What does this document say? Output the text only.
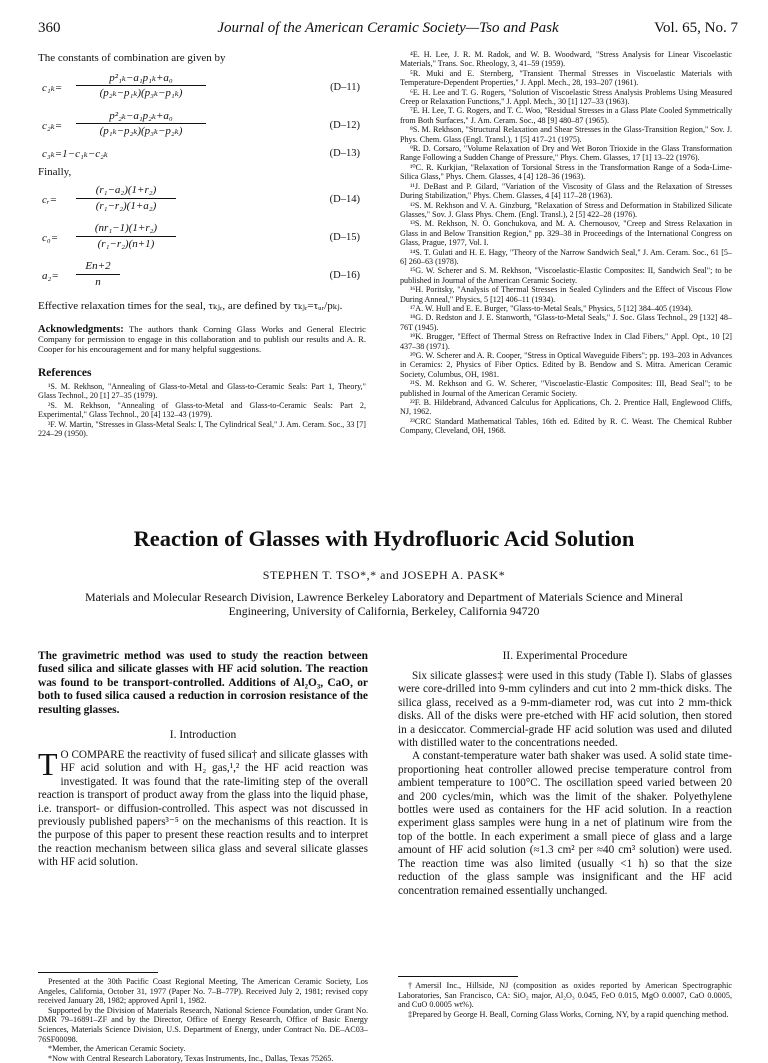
360	Journal of the American Ceramic Society—Tso and Pask	Vol. 65, No. 7

The constants of combination are given by

$c_{1k}= \frac{\text{p²₁ₖ−a₁p₁ₖ+a₀}}{\text{(p₂ₖ−p₁ₖ)(p₃ₖ−p₁ₖ)}}$	(D–11)
$c_{2k}= \frac{\text{p²₂ₖ−a₁p₂ₖ+a₀}}{\text{(p₁ₖ−p₂ₖ)(p₃ₖ−p₂ₖ)}}$	(D–12)
c₃ₖ=1−c₁ₖ−c₂ₖ	(D–13)

Finally,

cᵣ= $\frac{\text{(r₁−a₂)(1+r₂)}}{\text{(r₁−r₂)(1+a₂)}}$	(D–14)
$c_0= \frac{\text{(nr₁−1)(1+r₂)}}{\text{(r₁−r₂)(n+1)}}$	(D–15)
$a_2= \frac{En+2}{n}$	(D–16)

Effective relaxation times for the seal, τₖⱼᵣ, are defined by τₖⱼᵣ=τᵤᵣ/pₖⱼ.

Acknowledgments: The authors thank Corning Glass Works and General Electric Company for permission to engage in this collaboration and to publish our results and A. R. Cooper for his encouragement and for many helpful suggestions.

References

¹S. M. Rekhson, "Annealing of Glass-to-Metal and Glass-to-Ceramic Seals: Part 1, Theory," Glass Technol., 20 [1] 27–35 (1979).

²S. M. Rekhson, "Annealing of Glass-to-Metal and Glass-to-Ceramic Seals: Part 2, Experimental," Glass Technol., 20 [4] 132–43 (1979).

³F. W. Martin, "Stresses in Glass-Metal Seals: I, The Cylindrical Seal," J. Am. Ceram. Soc., 33 [7] 224–29 (1950).

⁴E. H. Lee, J. R. M. Radok, and W. B. Woodward, "Stress Analysis for Linear Viscoelastic Materials," Trans. Soc. Rheology, 3, 41–59 (1959).

⁵R. Muki and E. Sternberg, "Transient Thermal Stresses in Viscoelastic Materials with Temperature-Dependent Properties," J. Appl. Mech., 28, 193–207 (1961).

⁶E. H. Lee and T. G. Rogers, "Solution of Viscoelastic Stress Analysis Problems Using Measured Creep or Relaxation Functions," J. Appl. Mech., 30 [1] 127–33 (1963).

⁷E. H. Lee, T. G. Rogers, and T. C. Woo, "Residual Stresses in a Glass Plate Cooled Symmetrically from Both Surfaces," J. Am. Ceram. Soc., 48 [9] 480–87 (1965).

⁸S. M. Rekhson, "Structural Relaxation and Shear Stresses in the Glass-Transition Region," Sov. J. Phys. Chem. Glass (Engl. Transl.), 1 [5] 417–21 (1975).

⁹R. D. Corsaro, "Volume Relaxation of Dry and Wet Boron Trioxide in the Glass Transformation Range Following a Sudden Change of Pressure," Phys. Chem. Glasses, 17 [1] 13–22 (1976).

¹⁰C. R. Kurkjian, "Relaxation of Torsional Stress in the Transformation Range of a Soda-Lime-Silica Glass," Phys. Chem. Glasses, 4 [4] 128–36 (1963).

¹¹J. DeBast and P. Gilard, "Variation of the Viscosity of Glass and the Relaxation of Stresses During Stabilization," Phys. Chem. Glasses, 4 [4] 117–28 (1963).

¹²S. M. Rekhson and V. A. Ginzburg, "Relaxation of Stress and Deformation in Stabilized Silicate Glasses," Sov. J. Glass Phys. Chem. (Engl. Transl.), 2 [5] 422–28 (1976).

¹³S. M. Rekhson, N. O. Gonchukova, and M. A. Chernousov, "Creep and Stress Relaxation in Glass in and Below Transition Region," pp. 329–38 in Proceedings of the International Congress on Glass, Prague, 1977, Vol. I.

¹⁴S. T. Gulati and H. E. Hagy, "Theory of the Narrow Sandwich Seal," J. Am. Ceram. Soc., 61 [5–6] 260–63 (1978).

¹⁵G. W. Scherer and S. M. Rekhson, "Viscoelastic-Elastic Composites: II, Sandwich Seal"; to be published in Journal of the American Ceramic Society.

¹⁶H. Poritsky, "Analysis of Thermal Stresses in Sealed Cylinders and the Effect of Viscous Flow During Anneal," Physics, 5 [12] 406–11 (1934).

¹⁷A. W. Hull and E. E. Burger, "Glass-to-Metal Seals," Physics, 5 [12] 384–405 (1934).

¹⁸G. D. Redston and J. E. Stanworth, "Glass-to-Metal Seals," J. Soc. Glass Technol., 29 [132] 48–76T (1945).

¹⁹K. Brugger, "Effect of Thermal Stress on Refractive Index in Clad Fibers," Appl. Opt., 10 [2] 437–38 (1971).

²⁰G. W. Scherer and A. R. Cooper, "Stress in Optical Waveguide Fibers"; pp. 193–203 in Advances in Ceramics: 2, Physics of Fiber Optics. Edited by B. Bendow and S. Mitra. American Ceramic Society, Columbus, OH, 1981.

²¹S. M. Rekhson and G. W. Scherer, "Viscoelastic-Elastic Composites: III, Bead Seal"; to be published in Journal of the American Ceramic Society.

²²F. B. Hildebrand, Advanced Calculus for Applications, Ch. 2. Prentice Hall, Englewood Cliffs, NJ, 1962.

²³CRC Standard Mathematical Tables, 16th ed. Edited by R. C. Weast. The Chemical Rubber Company, Cleveland, OH, 1968.

Reaction of Glasses with Hydrofluoric Acid Solution
STEPHEN T. TSO*,* and JOSEPH A. PASK*
Materials and Molecular Research Division, Lawrence Berkeley Laboratory and Department of Materials Science and Mineral Engineering, University of California, Berkeley, California 94720

The gravimetric method was used to study the reaction between fused silica and silicate glasses with HF acid solution. The reaction was found to be transport-controlled. Additions of Al₂O₃, CaO, or both to fused silica caused a reduction in corrosion resistance of the resulting glasses.

I. Introduction
T O COMPARE the reactivity of fused silica† and silicate glasses with HF acid solution and with H₂ gas,¹,² the HF acid reaction was investigated. It was found that the rate-limiting step of the overall reaction is transport of product away from the glass into the liquid phase, i.e. transport- or diffusion-controlled. This aspect was not discussed in previously published papers³⁻⁵ on the mechanisms of this reaction. It is the purpose of this paper to present these reaction results and to interpret the reaction mechanism between silica glass and several silicate glasses with HF acid solution.

Presented at the 30th Pacific Coast Regional Meeting, The American Ceramic Society, Los Angeles, California, October 31, 1977 (Paper No. 7–B–77P). Received July 2, 1981; revised copy received January 28, 1982; approved April 1, 1982.

Supported by the Division of Materials Research, National Science Foundation, under Grant No. DMR 79–16891–ZF and by the Director, Office of Energy Research, Office of Basic Energy Sciences, Materials Science Division, U.S. Department of Energy, under Contract No. DE–AC03–76SF00098.

*Member, the American Ceramic Society.

*Now with Central Research Laboratory, Texas Instruments, Inc., Dallas, Texas 75265.

II. Experimental Procedure

Six silicate glasses‡ were used in this study (Table I). Slabs of glasses were core-drilled into 9-mm cylinders and cut into 2 mm-thick disks. The silica glass, received as a 9-mm-diameter rod, was cut into 2 mm-thick disks. All of the disks were pre-etched with HF acid solution, then stored in a desiccator. Commercial-grade HF acid solution was used and diluted with distilled water to the concentrations needed.

A constant-temperature water bath shaker was used. A solid state time-proportioning heat controller allowed precise temperature control from ambient temperature to 100°C. The oscillation speed varied between 20 and 200 cycles/min, which was the limit of the shaker. Polyethylene bottles were used as containers for the HF acid solution. In a reaction experiment glass samples were hung in a net of platinum wire from the top of the bottle. In each experiment a small piece of glass and a large amount of HF acid solution (≈1.3 cm² per ≈40 cm³ solution) were used. The reaction time was also limited (usually <1 h) so that the size reduction of the glass sample was insignificant and the HF acid concentration remained essentially unchanged.

†Amersil Inc., Hillside, NJ (composition as oxides reported by American Spectrographic Laboratories, San Francisco, CA: SiO₂ major, Al₂O₃ 0.045, FeO 0.015, MgO 0.0007, CaO 0.0005, and CuO 0.0005 wt%).

‡Prepared by George H. Beall, Corning Glass Works, Corning, NY, by a rapid quenching method.
